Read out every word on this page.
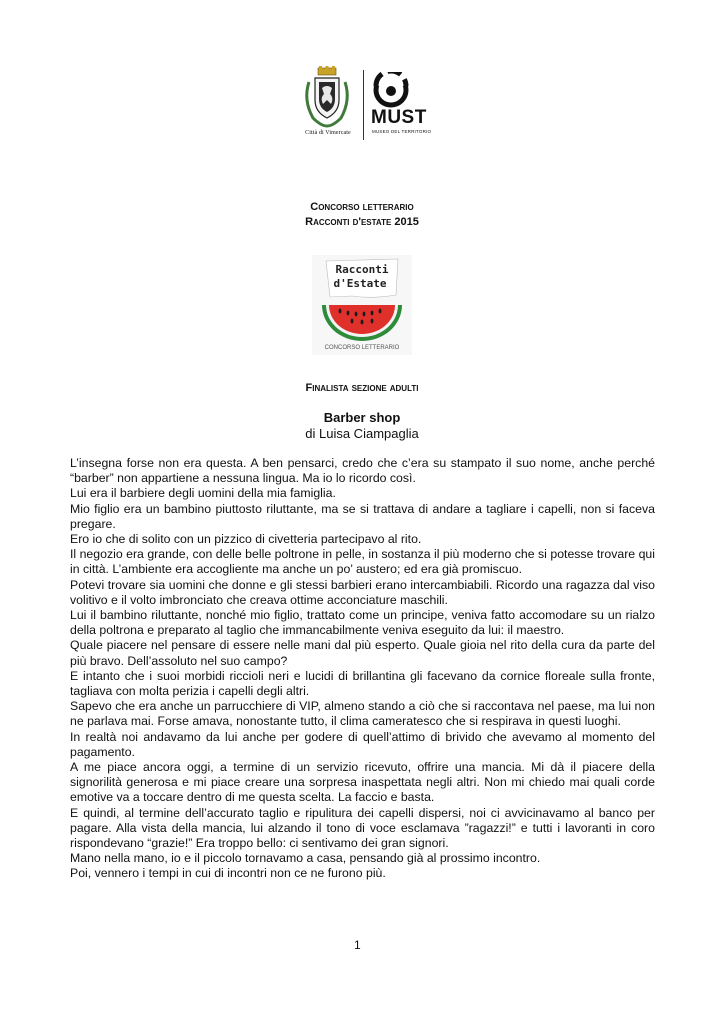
Città di Vimercate
MUST
MUSEO DEL TERRITORIO
Concorso letterario
Racconti d'estate 2015
Racconti
d'Estate
CONCORSO LETTERARIO
Finalista sezione adulti
Barber shop
di Luisa Ciampaglia

L’insegna forse non era questa. A ben pensarci, credo che c’era su stampato il suo nome, anche perché “barber” non appartiene a nessuna lingua. Ma io lo ricordo così.

Lui era il barbiere degli uomini della mia famiglia.

Mio figlio era un bambino piuttosto riluttante, ma se si trattava di andare a tagliare i capelli, non si faceva pregare.

Ero io che di solito con un pizzico di civetteria partecipavo al rito.

Il negozio era grande, con delle belle poltrone in pelle, in sostanza il più moderno che si potesse trovare qui in città. L’ambiente era accogliente ma anche un po’ austero; ed era già promiscuo.

Potevi trovare sia uomini che donne e gli stessi barbieri erano intercambiabili. Ricordo una ragazza dal viso volitivo e il volto imbronciato che creava ottime acconciature maschili.

Lui il bambino riluttante, nonché mio figlio, trattato come un principe, veniva fatto accomodare su un rialzo della poltrona e preparato al taglio che immancabilmente veniva eseguito da lui: il maestro.

Quale piacere nel pensare di essere nelle mani dal più esperto. Quale gioia nel rito della cura da parte del più bravo. Dell’assoluto nel suo campo?

E intanto che i suoi morbidi riccioli neri e lucidi di brillantina gli facevano da cornice floreale sulla fronte, tagliava con molta perizia i capelli degli altri.

Sapevo che era anche un parrucchiere di VIP, almeno stando a ciò che si raccontava nel paese, ma lui non ne parlava mai. Forse amava, nonostante tutto, il clima cameratesco che si respirava in questi luoghi.

In realtà noi andavamo da lui anche per godere di quell’attimo di brivido che avevamo al momento del pagamento.

A me piace ancora oggi, a termine di un servizio ricevuto, offrire una mancia. Mi dà il piacere della signorilità generosa e mi piace creare una sorpresa inaspettata negli altri. Non mi chiedo mai quali corde emotive va a toccare dentro di me questa scelta. La faccio e basta.

E quindi, al termine dell’accurato taglio e ripulitura dei capelli dispersi, noi ci avvicinavamo al banco per pagare. Alla vista della mancia, lui alzando il tono di voce esclamava ”ragazzi!” e tutti i lavoranti in coro rispondevano “grazie!” Era troppo bello: ci sentivamo dei gran signori.

Mano nella mano, io e il piccolo tornavamo a casa, pensando già al prossimo incontro.

Poi, vennero i tempi in cui di incontri non ce ne furono più.

1
